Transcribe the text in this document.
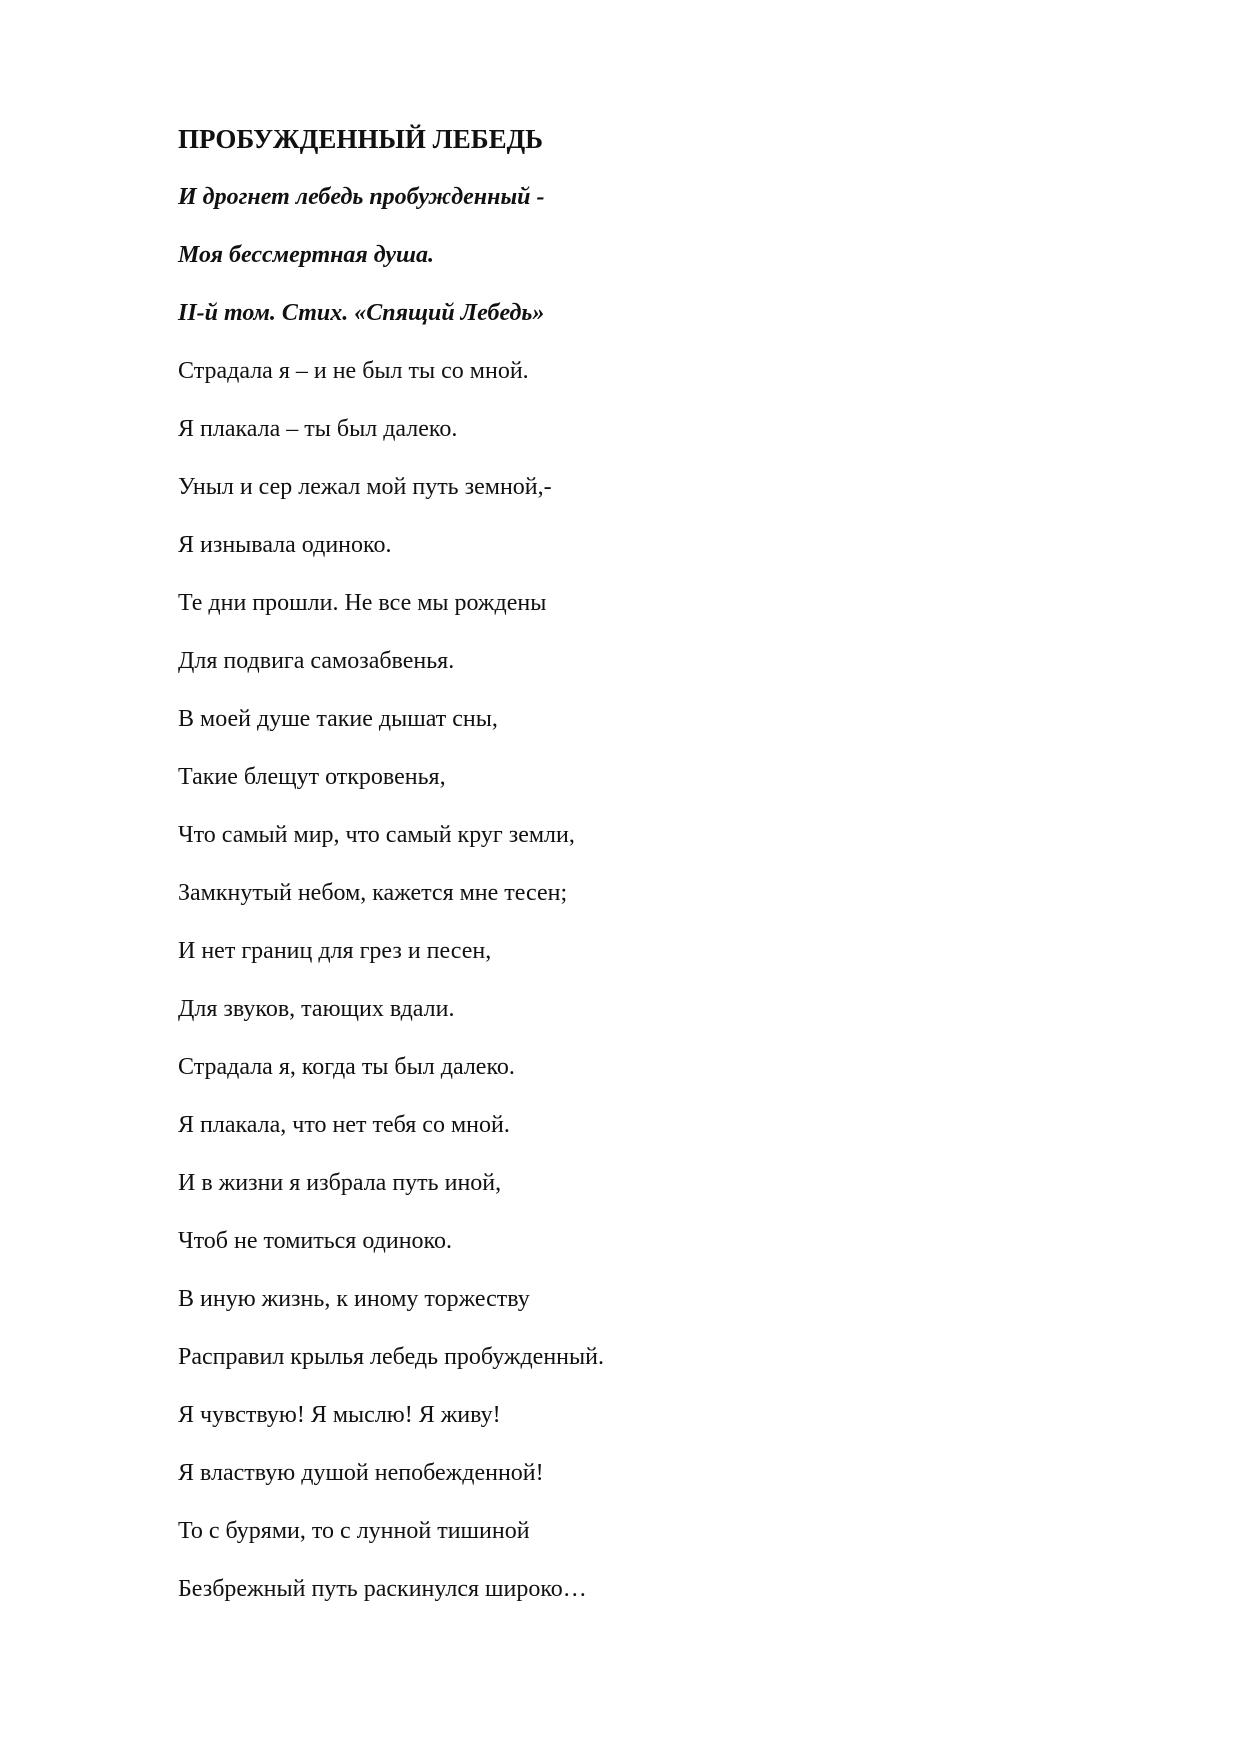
ПРОБУЖДЕННЫЙ ЛЕБЕДЬ

И дрогнет лебедь пробужденный -

Моя бессмертная душа.

II-й том. Стих. «Спящий Лебедь»

Страдала я – и не был ты со мной.

Я плакала – ты был далеко.

Уныл и сер лежал мой путь земной,-

Я изнывала одиноко.

Те дни прошли. Не все мы рождены

Для подвига самозабвенья.

В моей душе такие дышат сны,

Такие блещут откровенья,

Что самый мир, что самый круг земли,

Замкнутый небом, кажется мне тесен;

И нет границ для грез и песен,

Для звуков, тающих вдали.

Страдала я, когда ты был далеко.

Я плакала, что нет тебя со мной.

И в жизни я избрала путь иной,

Чтоб не томиться одиноко.

В иную жизнь, к иному торжеству

Расправил крылья лебедь пробужденный.

Я чувствую! Я мыслю! Я живу!

Я властвую душой непобежденной!

То с бурями, то с лунной тишиной

Безбрежный путь раскинулся широко…
